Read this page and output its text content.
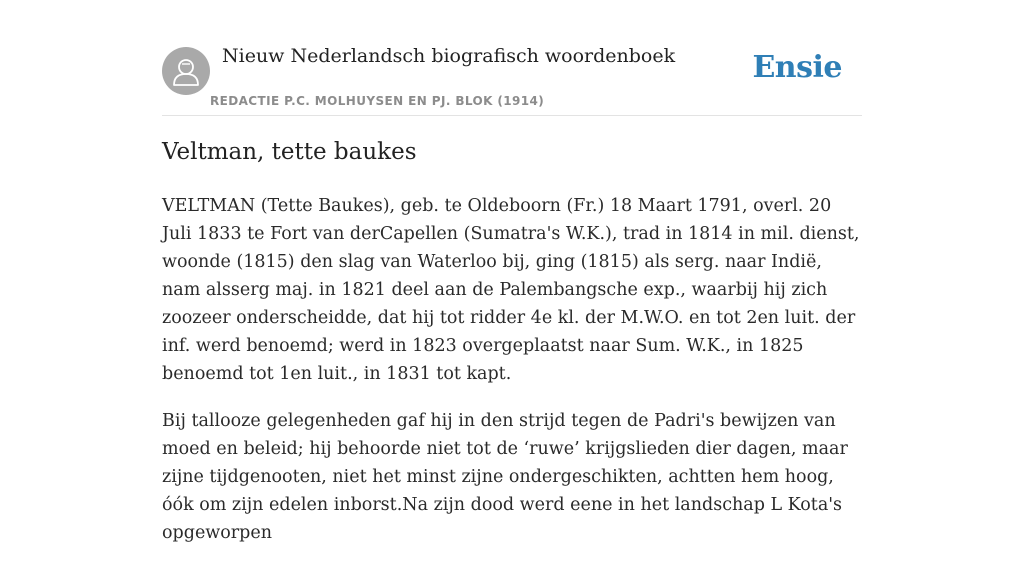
Nieuw Nederlandsch biografisch woordenboek
REDACTIE P.C. MOLHUYSEN EN PJ. BLOK (1914)
Ensie
Veltman, tette baukes

VELTMAN (Tette Baukes), geb. te Oldeboorn (Fr.) 18 Maart 1791, overl. 20 Juli 1833 te Fort van derCapellen (Sumatra's W.K.), trad in 1814 in mil. dienst, woonde (1815) den slag van Waterloo bij, ging (1815) als serg. naar Indië, nam alsserg maj. in 1821 deel aan de Palembangsche exp., waarbij hij zich zoozeer onderscheidde, dat hij tot ridder 4e kl. der M.W.O. en tot 2en luit. der inf. werd benoemd; werd in 1823 overgeplaatst naar Sum. W.K., in 1825 benoemd tot 1en luit., in 1831 tot kapt.

Bij tallooze gelegenheden gaf hij in den strijd tegen de Padri's bewijzen van moed en beleid; hij behoorde niet tot de ‘ruwe’ krijgslieden dier dagen, maar zijne tijdgenooten, niet het minst zijne ondergeschikten, achtten hem hoog, óók om zijn edelen inborst.Na zijn dood werd eene in het landschap L Kota's opgeworpen
